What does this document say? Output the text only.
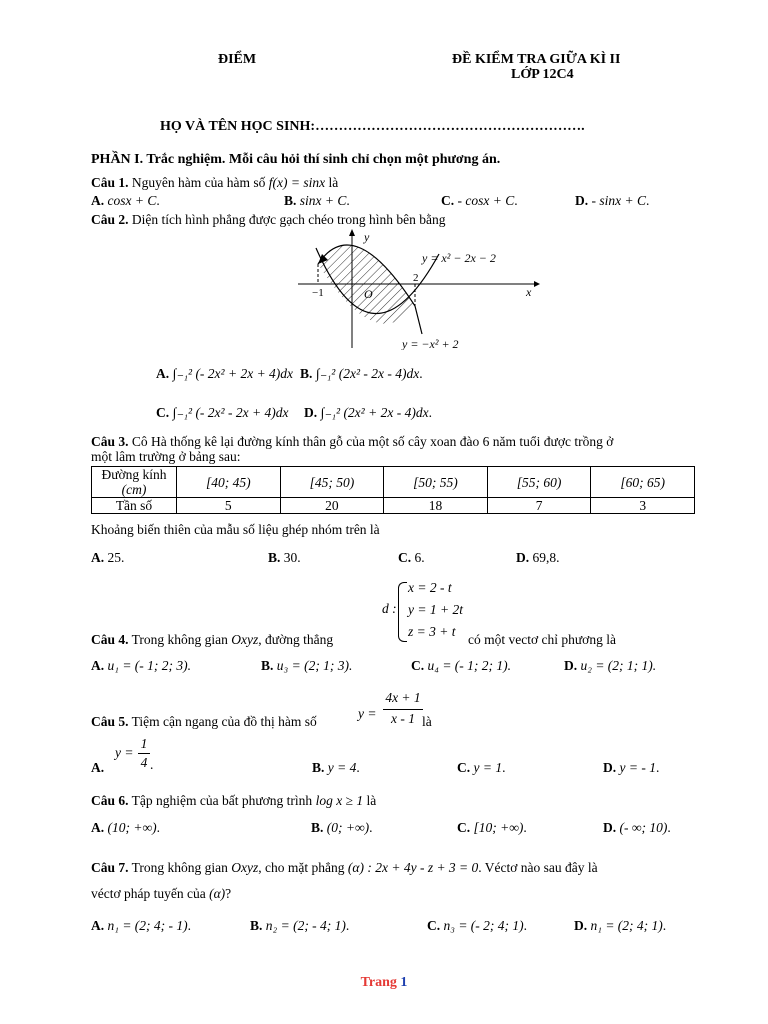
ĐIỂM	ĐỀ KIỂM TRA GIỮA KÌ II
LỚP 12C4
HỌ VÀ TÊN HỌC SINH:………………………………………………….
PHẦN I. Trắc nghiệm. Mỗi câu hỏi thí sinh chỉ chọn một phương án.
Câu 1. Nguyên hàm của hàm số f(x) = sinx là
A. cosx + C.	B. sinx + C.	C. - cosx + C.	D. - sinx + C.
Câu 2. Diện tích hình phẳng được gạch chéo trong hình bên bằng
y
x
O
−1
2
y = x² − 2x − 2
y = −x² + 2
A. ∫₋₁² (- 2x² + 2x + 4)dx B. ∫₋₁² (2x² - 2x - 4)dx.
C. ∫₋₁² (- 2x² - 2x + 4)dx D. ∫₋₁² (2x² + 2x - 4)dx.
Câu 3. Cô Hà thống kê lại đường kính thân gỗ của một số cây xoan đào 6 năm tuổi được trồng ở
một lâm trường ở bảng sau:
Đường kính
(cm)	[40; 45)	[45; 50)	[50; 55)	[55; 60)	[60; 65)
Tần số	5	20	18	7	3
Khoảng biến thiên của mẫu số liệu ghép nhóm trên là
A. 25.	B. 30.	C. 6.	D. 69,8.
d :
x = 2 - t
y = 1 + 2t
z = 3 + t
Câu 4. Trong không gian Oxyz, đường thẳng	có một vectơ chỉ phương là
A. u₁ = (- 1; 2; 3).	B. u₃ = (2; 1; 3).	C. u₄ = (- 1; 2; 1).	D. u₂ = (2; 1; 1).
Câu 5. Tiệm cận ngang của đồ thị hàm số
y =
4x + 1
x - 1 là
A.
y =
1
4 .	B. y = 4.	C. y = 1.	D. y = - 1.
Câu 6. Tập nghiệm của bất phương trình log x ≥ 1 là
A. (10; +∞).	B. (0; +∞).	C. [10; +∞).	D. (- ∞; 10).
Câu 7. Trong không gian Oxyz, cho mặt phẳng (α) : 2x + 4y - z + 3 = 0. Véctơ nào sau đây là
véctơ pháp tuyến của (α)?
A. n₁ = (2; 4; - 1).	B. n₂ = (2; - 4; 1).	C. n₃ = (- 2; 4; 1).	D. n₁ = (2; 4; 1).
Trang 1
